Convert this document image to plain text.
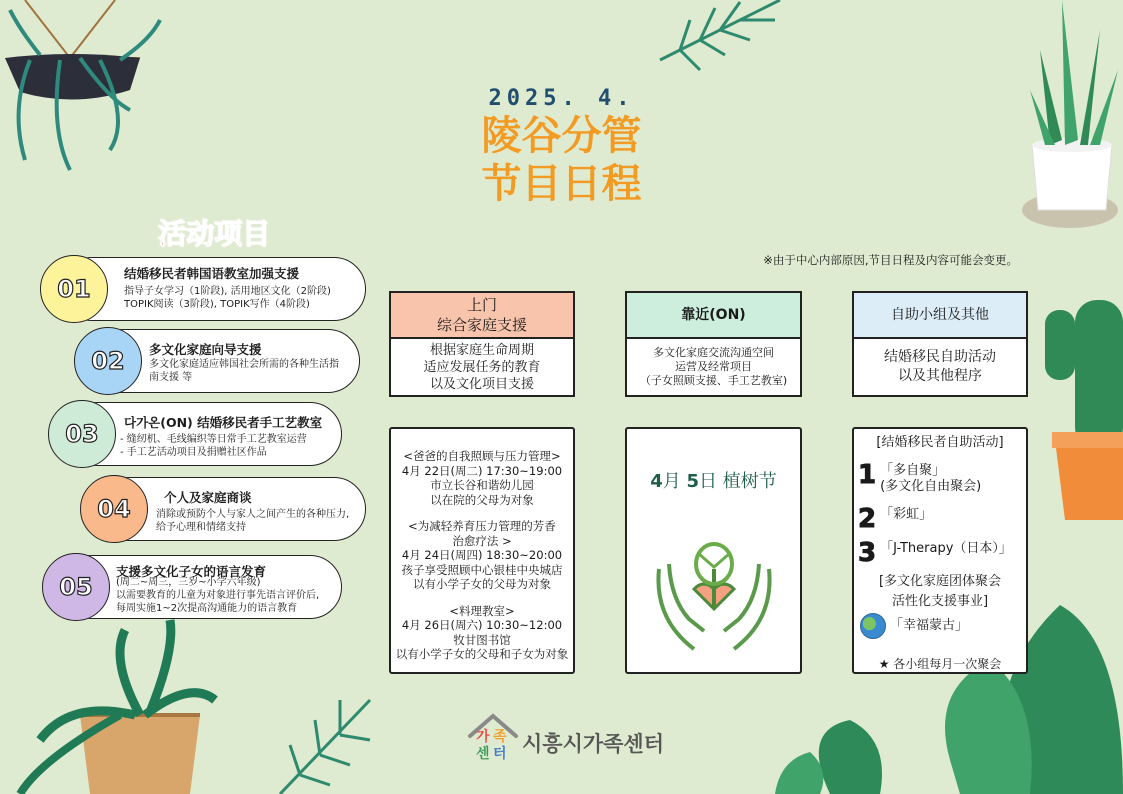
2025. 4.
陵谷分管
节目日程
※由于中心内部原因,节目日程及内容可能会变更。
活动项目
01
结婚移民者韩国语教室加强支援
指导子女学习（1阶段), 活用地区文化（2阶段)
TOPIK阅读（3阶段), TOPIK写作（4阶段)
02	多文化家庭向导支援
多文化家庭适应韩国社会所需的各种生活指
南支援 等
03	다가온(ON) 结婚移民者手工艺教室
- 缝纫机、毛线编织等日常手工艺教室运营
- 手工艺活动项目及捐赠社区作品
04	个人及家庭商谈
消除或预防个人与家人之间产生的各种压力,
给予心理和情绪支持
05
支援多文化子女的语言发育
(周二~周三，三岁~小学六年级)
以需要教育的儿童为对象进行事先语言评价后,
每周实施1~2次提高沟通能力的语言教育
上门
综合家庭支援
根据家庭生命周期
适应发展任务的教育
以及文化项目支援
<爸爸的自我照顾与压力管理>
4月 22日(周二) 17:30~19:00
市立长谷和谐幼儿园
以在院的父母为对象
<为减轻养育压力管理的芳香
治愈疗法 >
4月 24日(周四) 18:30~20:00
孩子享受照顾中心银桂中央城店
以有小学子女的父母为对象
<料理教室>
4月 26日(周六) 10:30~12:00
牧甘图书馆
以有小学子女的父母和子女为对象
靠近(ON)
多文化家庭交流沟通空间
运营及经常项目
（子女照顾支援、手工艺教室)
4月 5日 植树节
自助小组及其他
结婚移民自助活动
以及其他程序
[结婚移民者自助活动]
1 「多自聚」
(多文化自由聚会)
2 「彩虹」
3 「J-Therapy（日本）」
[多文化家庭团体聚会
活性化支援事业]
「幸福蒙古」
★ 各小组每月一次聚会
가 족
센 터 시흥시가족센터
